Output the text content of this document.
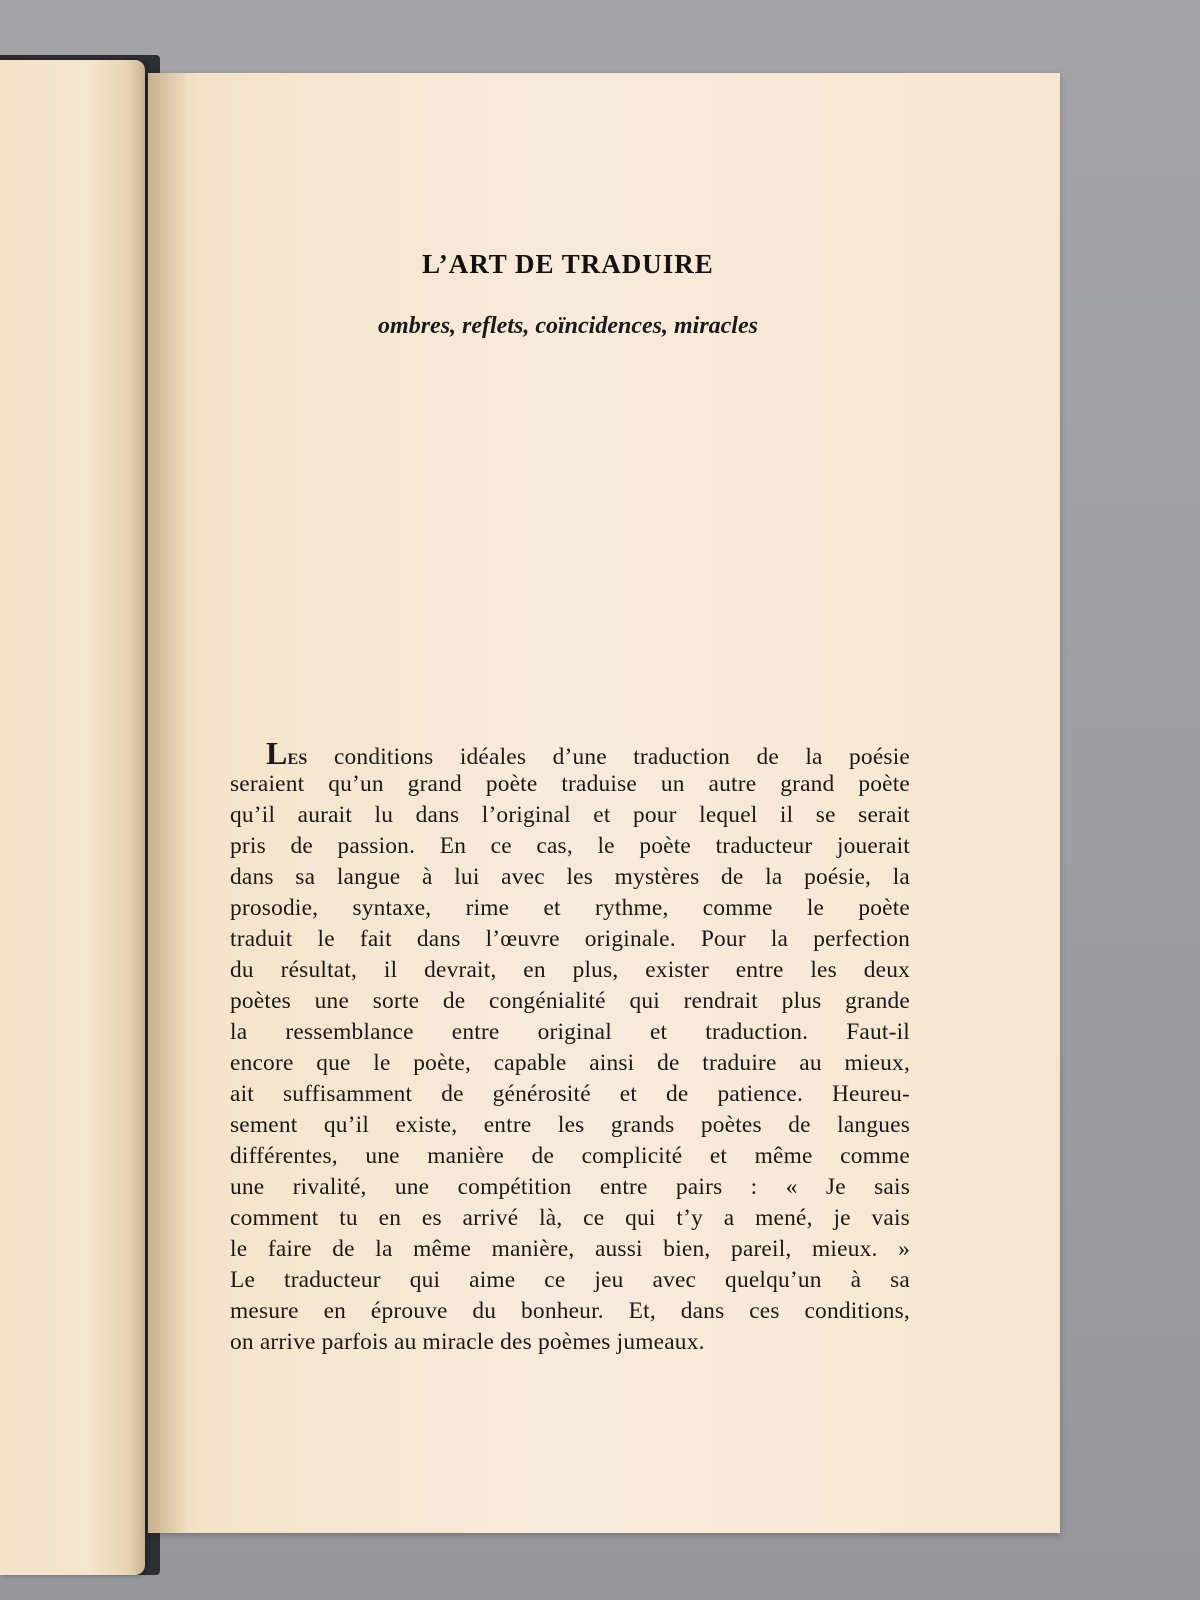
L’ART DE TRADUIRE
ombres, reflets, coïncidences, miracles
Les conditions idéales d’une traduction de la poésie
seraient qu’un grand poète traduise un autre grand poète
qu’il aurait lu dans l’original et pour lequel il se serait
pris de passion. En ce cas, le poète traducteur jouerait
dans sa langue à lui avec les mystères de la poésie, la
prosodie, syntaxe, rime et rythme, comme le poète
traduit le fait dans l’œuvre originale. Pour la perfection
du résultat, il devrait, en plus, exister entre les deux
poètes une sorte de congénialité qui rendrait plus grande
la ressemblance entre original et traduction. Faut-il
encore que le poète, capable ainsi de traduire au mieux,
ait suffisamment de générosité et de patience. Heureu-
sement qu’il existe, entre les grands poètes de langues
différentes, une manière de complicité et même comme
une rivalité, une compétition entre pairs : « Je sais
comment tu en es arrivé là, ce qui t’y a mené, je vais
le faire de la même manière, aussi bien, pareil, mieux. »
Le traducteur qui aime ce jeu avec quelqu’un à sa
mesure en éprouve du bonheur. Et, dans ces conditions,
on arrive parfois au miracle des poèmes jumeaux.
